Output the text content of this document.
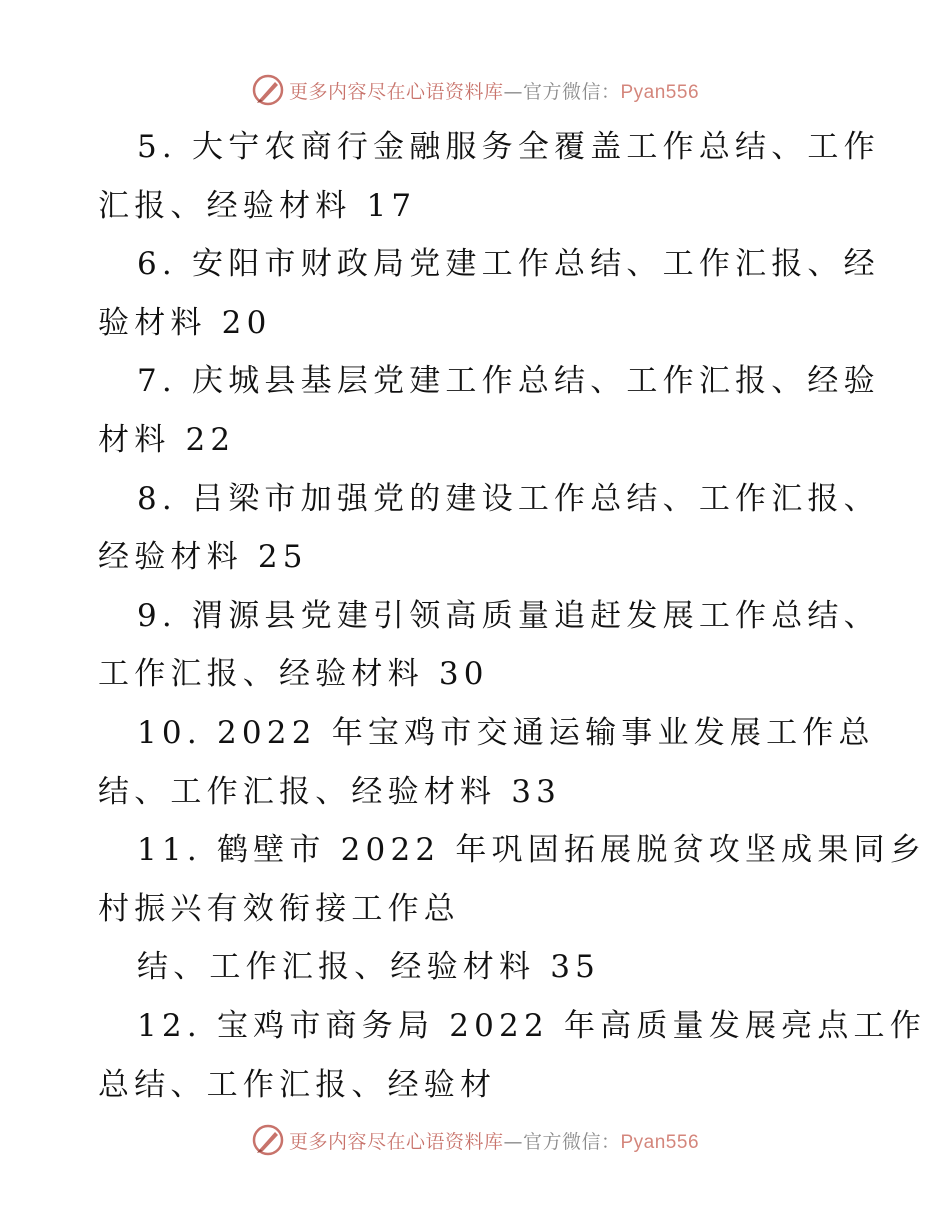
更多内容尽在心语资料库—官方微信：Pyan556
5. 大宁农商行金融服务全覆盖工作总结、工作
汇报、经验材料 17
6. 安阳市财政局党建工作总结、工作汇报、经
验材料 20
7. 庆城县基层党建工作总结、工作汇报、经验
材料 22
8. 吕梁市加强党的建设工作总结、工作汇报、
经验材料 25
9. 渭源县党建引领高质量追赶发展工作总结、
工作汇报、经验材料 30
10. 2022 年宝鸡市交通运输事业发展工作总
结、工作汇报、经验材料 33
11. 鹤壁市 2022 年巩固拓展脱贫攻坚成果同乡
村振兴有效衔接工作总
结、工作汇报、经验材料 35
12. 宝鸡市商务局 2022 年高质量发展亮点工作
总结、工作汇报、经验材
更多内容尽在心语资料库—官方微信：Pyan556
